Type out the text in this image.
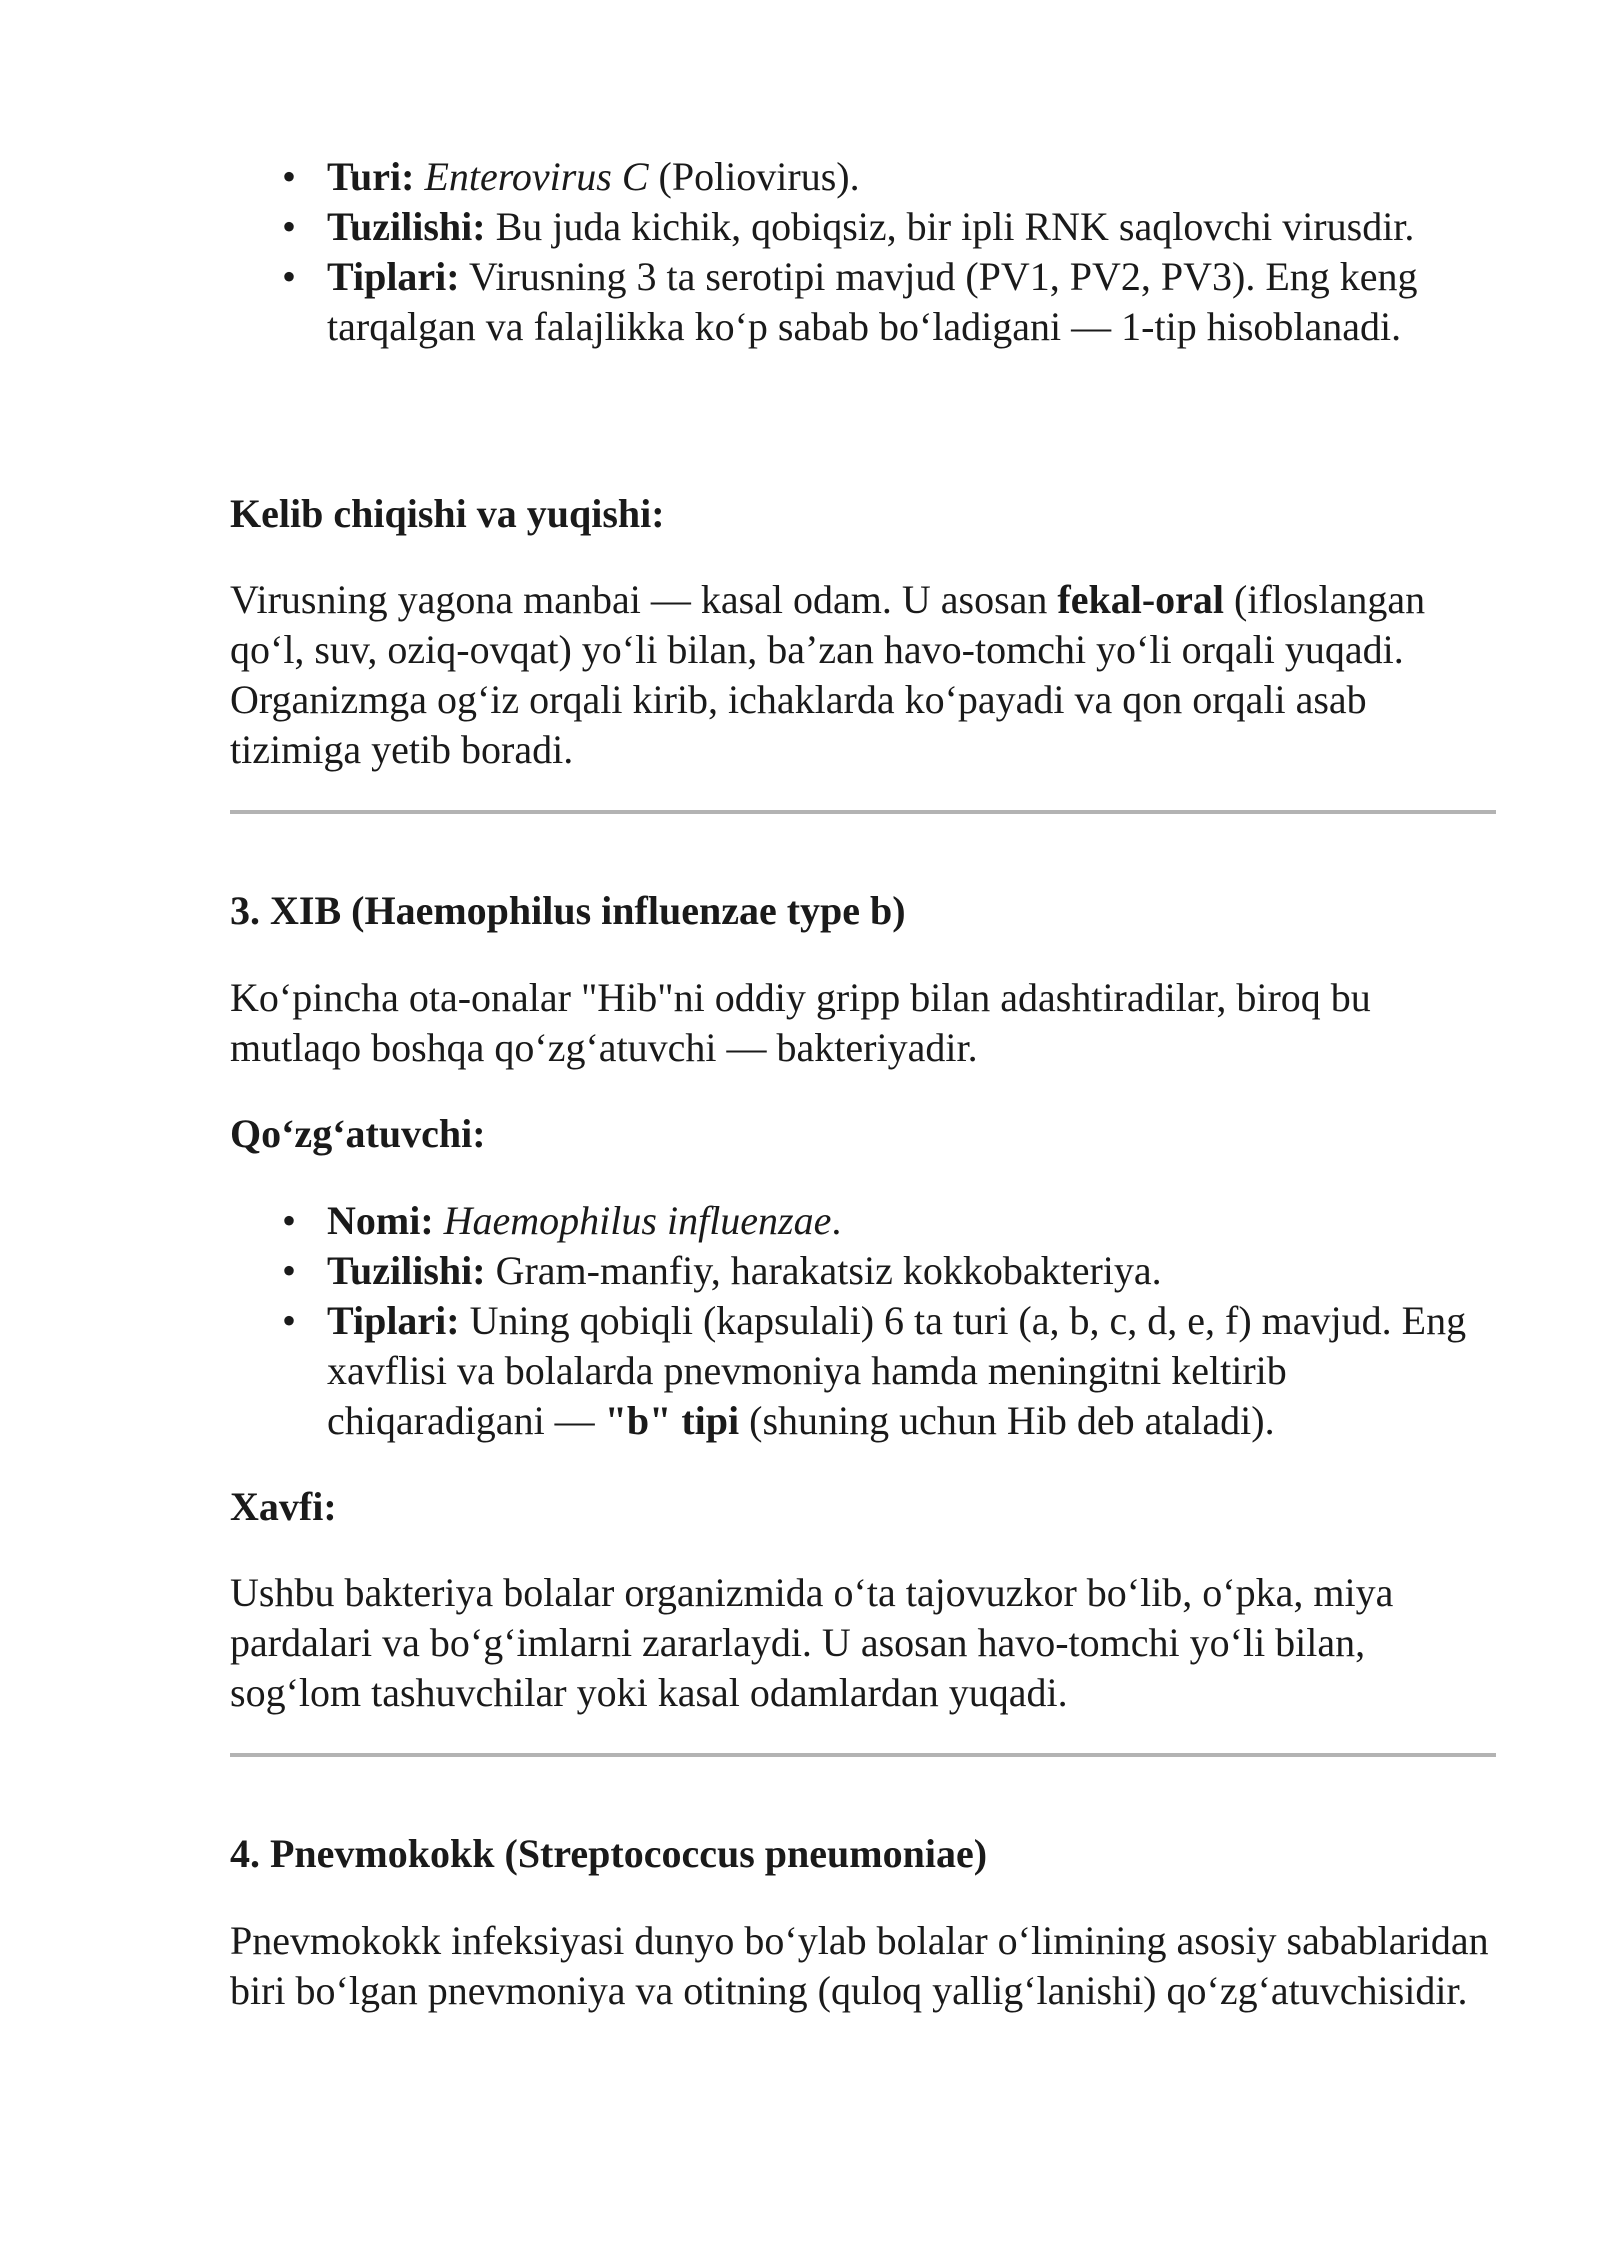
• Turi: Enterovirus C (Poliovirus).
• Tuzilishi: Bu juda kichik, qobiqsiz, bir ipli RNK saqlovchi virusdir.
• Tiplari: Virusning 3 ta serotipi mavjud (PV1, PV2, PV3). Eng keng tarqalgan va falajlikka ko‘p sabab bo‘ladigani — 1-tip hisoblanadi.
Kelib chiqishi va yuqishi:

Virusning yagona manbai — kasal odam. U asosan fekal-oral (ifloslangan qo‘l, suv, oziq-ovqat) yo‘li bilan, ba’zan havo-tomchi yo‘li orqali yuqadi. Organizmga og‘iz orqali kirib, ichaklarda ko‘payadi va qon orqali asab tizimiga yetib boradi.

3. XIB (Haemophilus influenzae type b)

Ko‘pincha ota-onalar "Hib"ni oddiy gripp bilan adashtiradilar, biroq bu mutlaqo boshqa qo‘zg‘atuvchi — bakteriyadir.

Qo‘zg‘atuvchi:
• Nomi: Haemophilus influenzae.
• Tuzilishi: Gram-manfiy, harakatsiz kokkobakteriya.
• Tiplari: Uning qobiqli (kapsulali) 6 ta turi (a, b, c, d, e, f) mavjud. Eng xavflisi va bolalarda pnevmoniya hamda meningitni keltirib chiqaradigani — "b" tipi (shuning uchun Hib deb ataladi).
Xavfi:

Ushbu bakteriya bolalar organizmida o‘ta tajovuzkor bo‘lib, o‘pka, miya pardalari va bo‘g‘imlarni zararlaydi. U asosan havo-tomchi yo‘li bilan, sog‘lom tashuvchilar yoki kasal odamlardan yuqadi.

4. Pnevmokokk (Streptococcus pneumoniae)

Pnevmokokk infeksiyasi dunyo bo‘ylab bolalar o‘limining asosiy sabablaridan biri bo‘lgan pnevmoniya va otitning (quloq yallig‘lanishi) qo‘zg‘atuvchisidir.
